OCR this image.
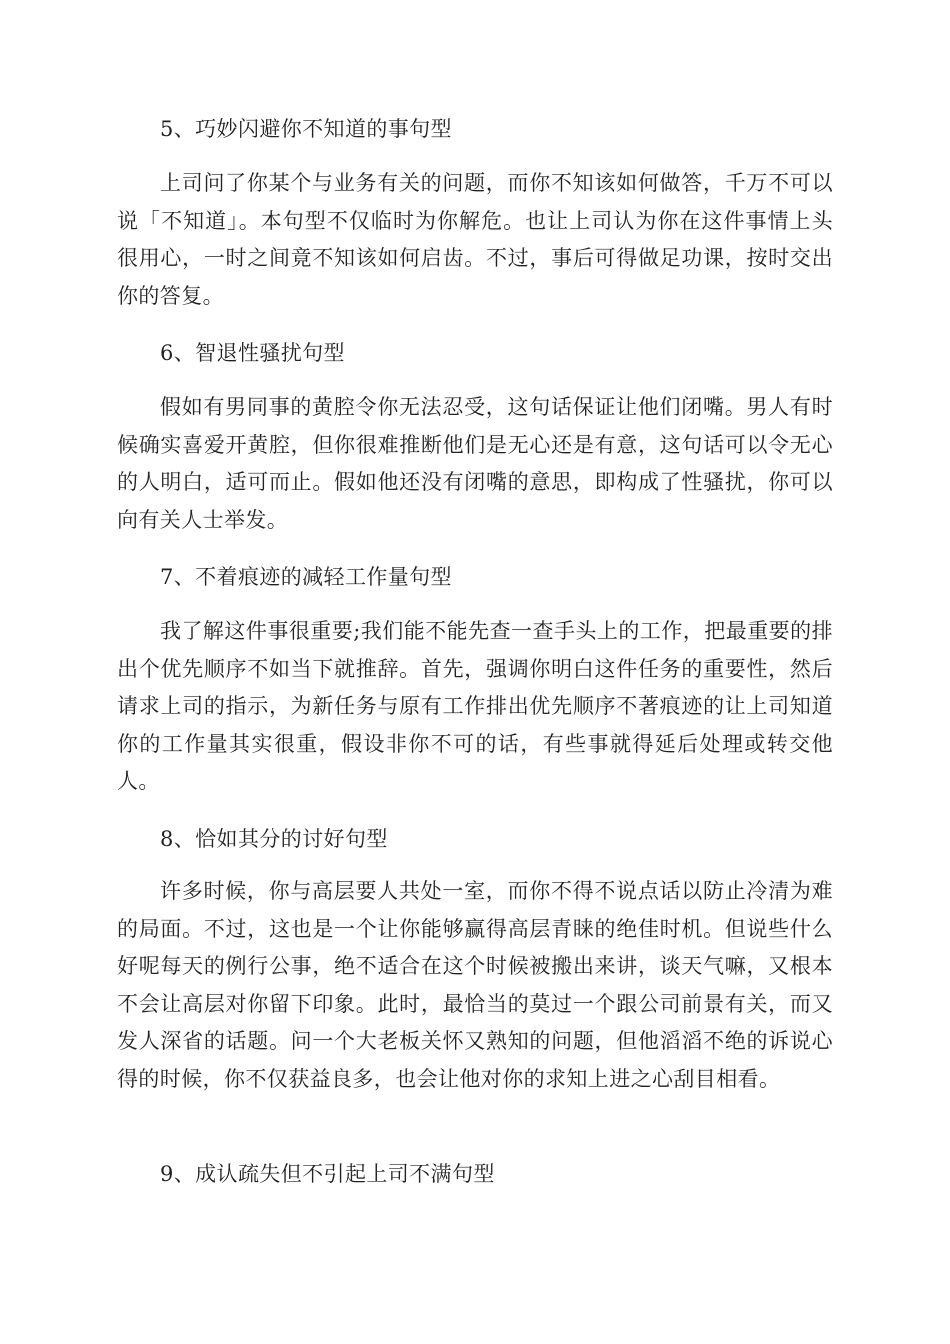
5、巧妙闪避你不知道的事句型

上司问了你某个与业务有关的问题，而你不知该如何做答，千万不可以说「不知道」。本句型不仅临时为你解危。也让上司认为你在这件事情上头很用心，一时之间竟不知该如何启齿。不过，事后可得做足功课，按时交出你的答复。

6、智退性骚扰句型

假如有男同事的黄腔令你无法忍受，这句话保证让他们闭嘴。男人有时候确实喜爱开黄腔，但你很难推断他们是无心还是有意，这句话可以令无心的人明白，适可而止。假如他还没有闭嘴的意思，即构成了性骚扰，你可以向有关人士举发。

7、不着痕迹的减轻工作量句型

我了解这件事很重要;我们能不能先查一查手头上的工作，把最重要的排出个优先顺序不如当下就推辞。首先，强调你明白这件任务的重要性，然后请求上司的指示，为新任务与原有工作排出优先顺序不著痕迹的让上司知道你的工作量其实很重，假设非你不可的话，有些事就得延后处理或转交他人。

8、恰如其分的讨好句型

许多时候，你与高层要人共处一室，而你不得不说点话以防止冷清为难的局面。不过，这也是一个让你能够赢得高层青睐的绝佳时机。但说些什么好呢每天的例行公事，绝不适合在这个时候被搬出来讲，谈天气嘛，又根本不会让高层对你留下印象。此时，最恰当的莫过一个跟公司前景有关，而又发人深省的话题。问一个大老板关怀又熟知的问题，但他滔滔不绝的诉说心得的时候，你不仅获益良多，也会让他对你的求知上进之心刮目相看。

9、成认疏失但不引起上司不满句型
